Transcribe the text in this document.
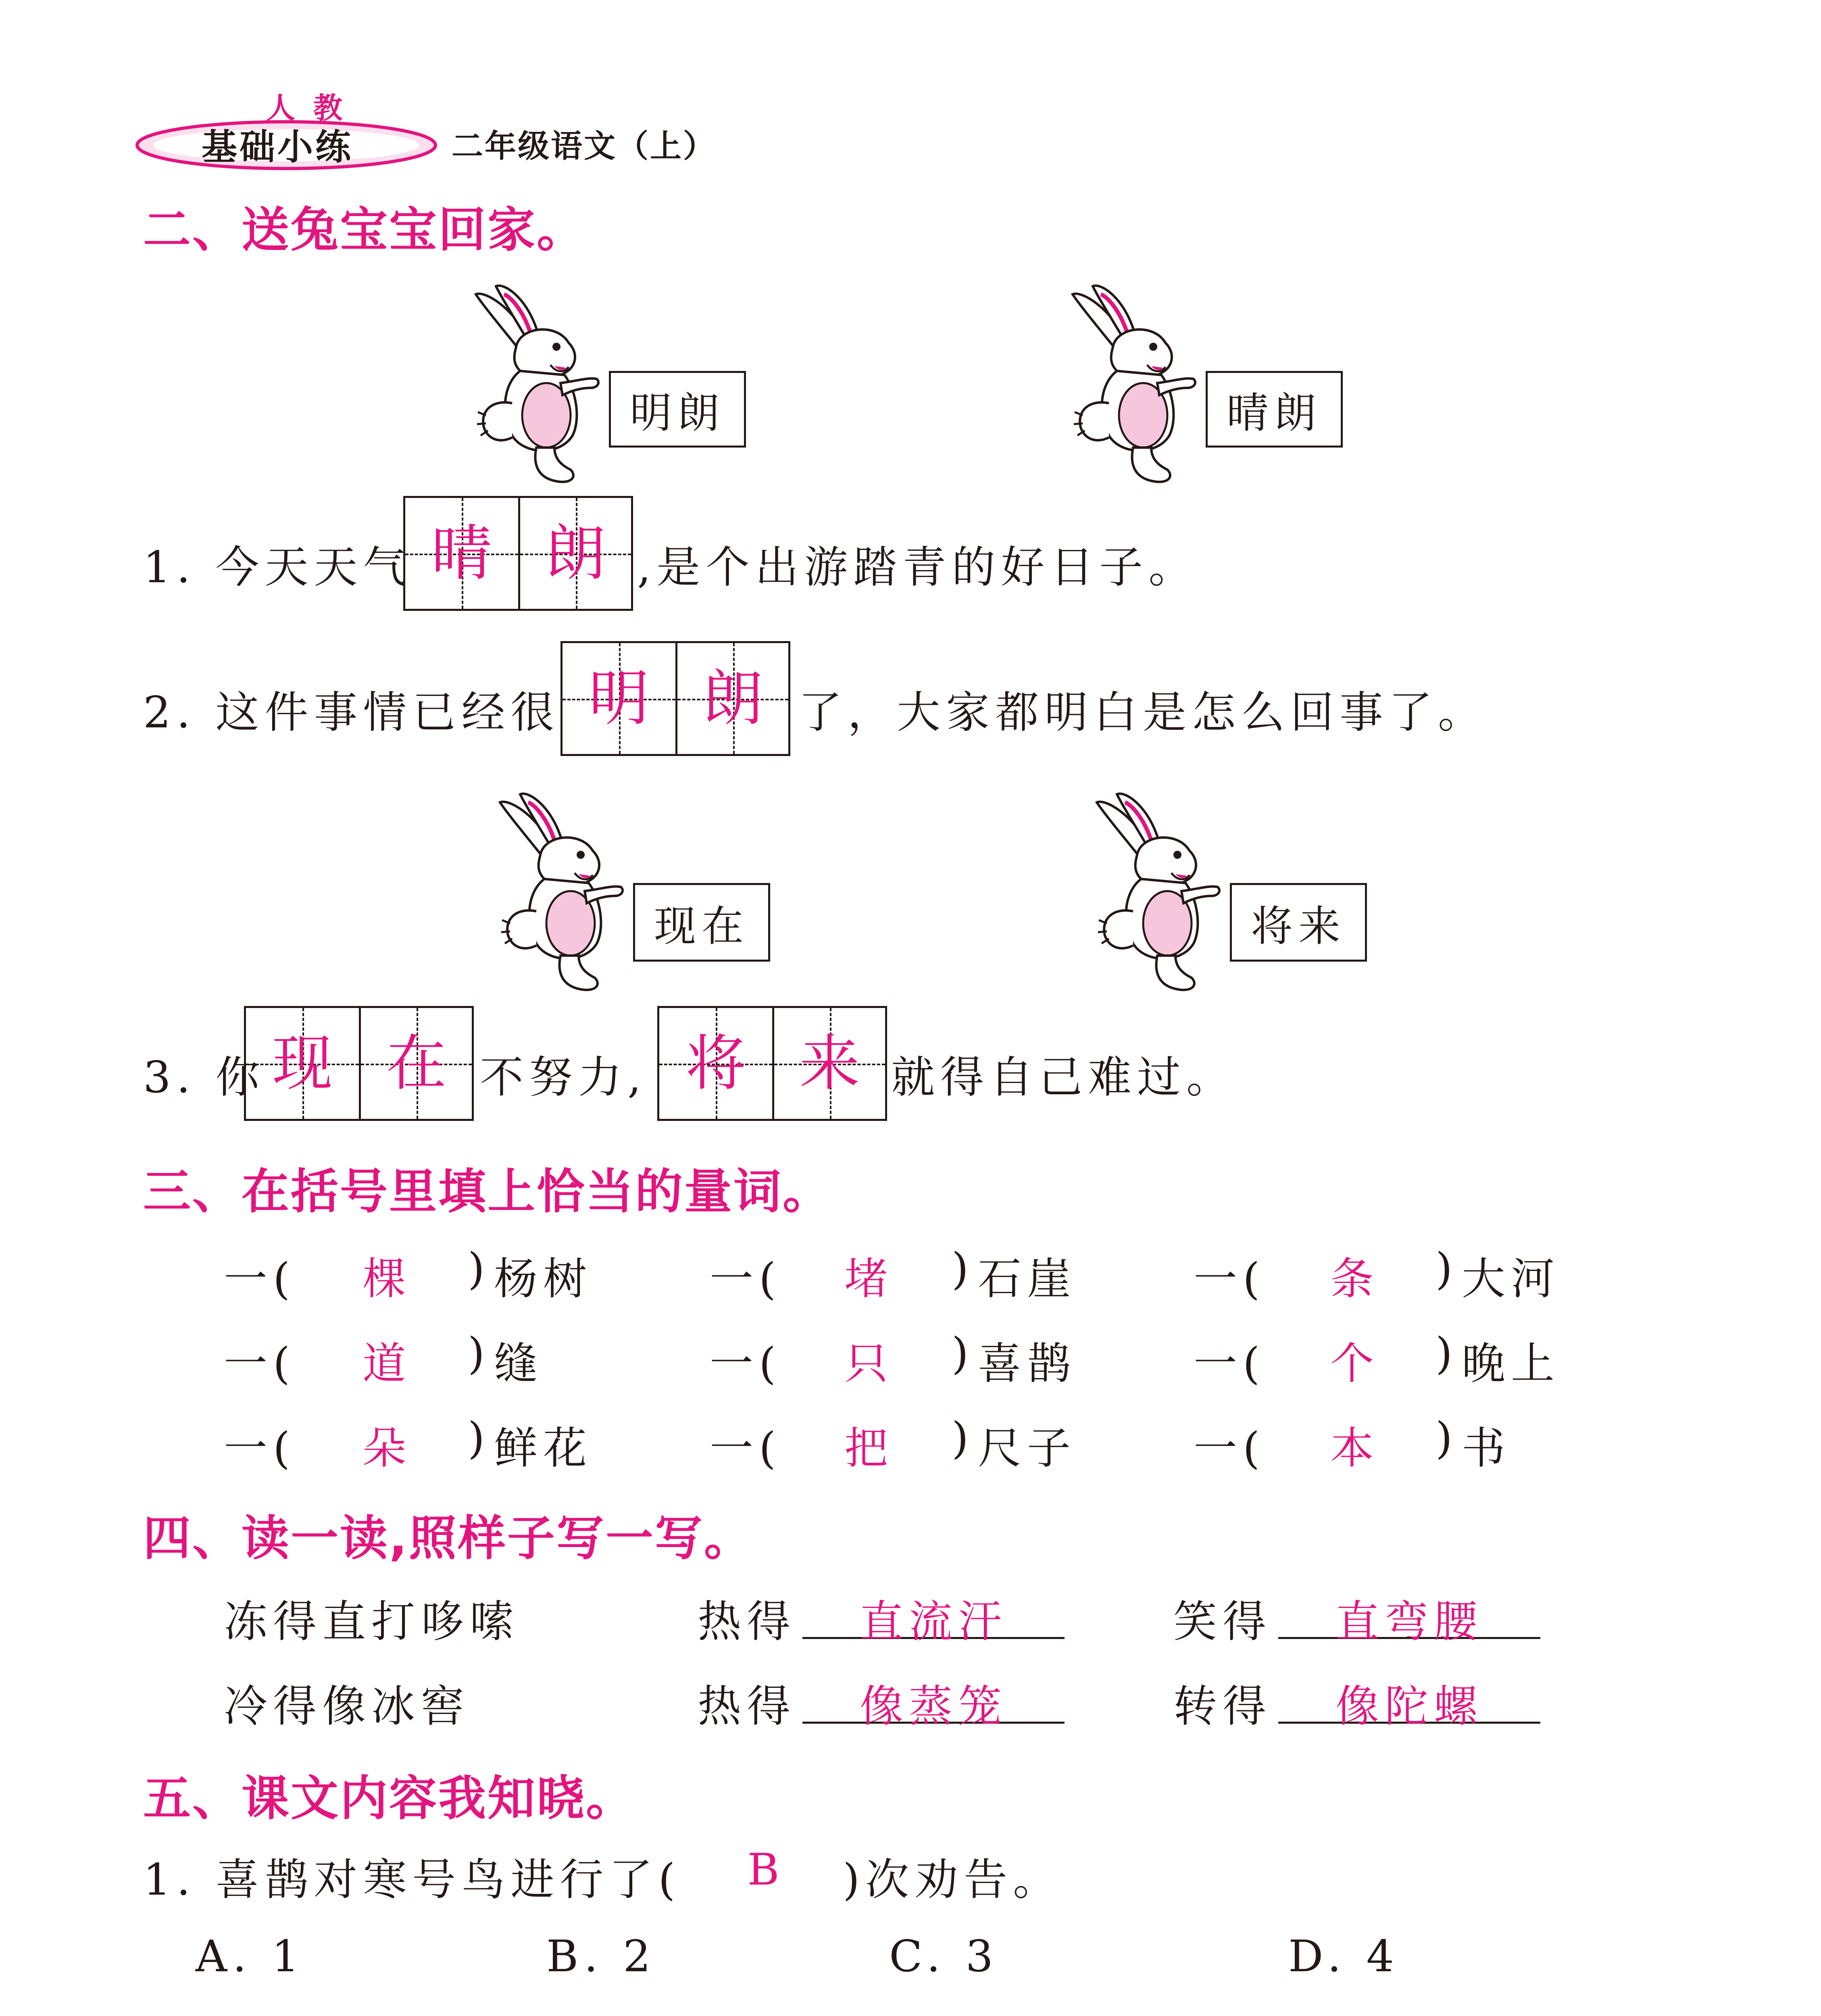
人 教
基础小练	二年级语文（上）
二、送兔宝宝回家。
明朗	晴朗
1. 今天天气 晴 朗 ,是个出游踏青的好日子。
2. 这件事情已经很 明 朗 了，大家都明白是怎么回事了。
现在	将来
3. 你 现 在 不努力, 将 来 就得自己难过。
三、在括号里填上恰当的量词。
一(	棵	) 杨树	一(	堵	) 石崖	一(	条	) 大河
一(	道	) 缝	一(	只	) 喜鹊	一(	个	) 晚上
一(	朵	) 鲜花	一(	把	) 尺子	一(	本	) 书
四、读一读,照样子写一写。
冻得直打哆嗦	热得	直流汗	笑得	直弯腰
冷得像冰窖	热得	像蒸笼	转得	像陀螺
五、课文内容我知晓。
1. 喜鹊对寒号鸟进行了(	B	)次劝告。
A. 1	B. 2	C. 3	D. 4
